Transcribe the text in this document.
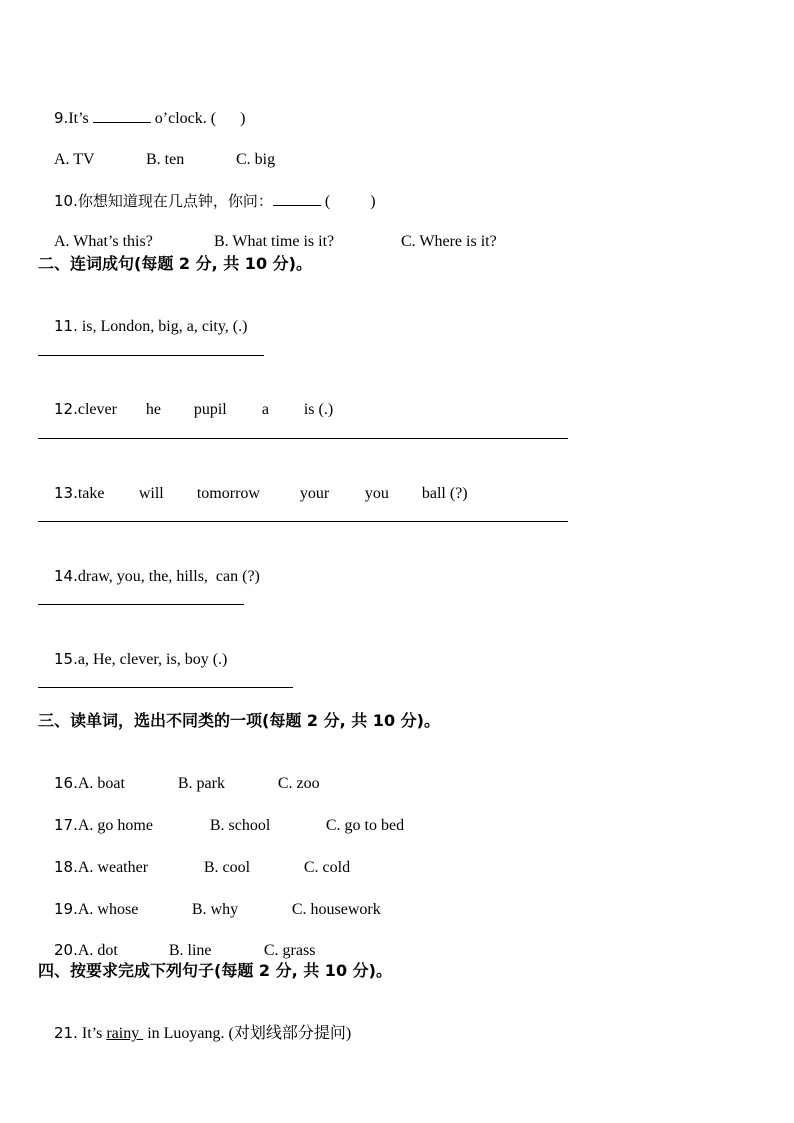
9.It’s	o’clock. (      )

A. TV	B. ten	C. big

10.你想知道现在几点钟，你问：	(          )

A. What’s this?	B. What time is it?	C. Where is it?

二、连词成句(每题 2 分, 共 10 分)。

11. is, London, big, a, city, (.)

12.clever he pupil a is (.)

13.take will tomorrow your you ball (?)

14.draw, you, the, hills,  can (?)

15.a, He, clever, is, boy (.)

三、读单词，选出不同类的一项(每题 2 分, 共 10 分)。

16.A. boat	B. park	C. zoo

17.A. go home	B. school	C. go to bed

18.A. weather	B. cool	C. cold

19.A. whose	B. why	C. housework

20.A. dot	B. line	C. grass

四、按要求完成下列句子(每题 2 分, 共 10 分)。

21. It’s rainy  in Luoyang. (对划线部分提问)
